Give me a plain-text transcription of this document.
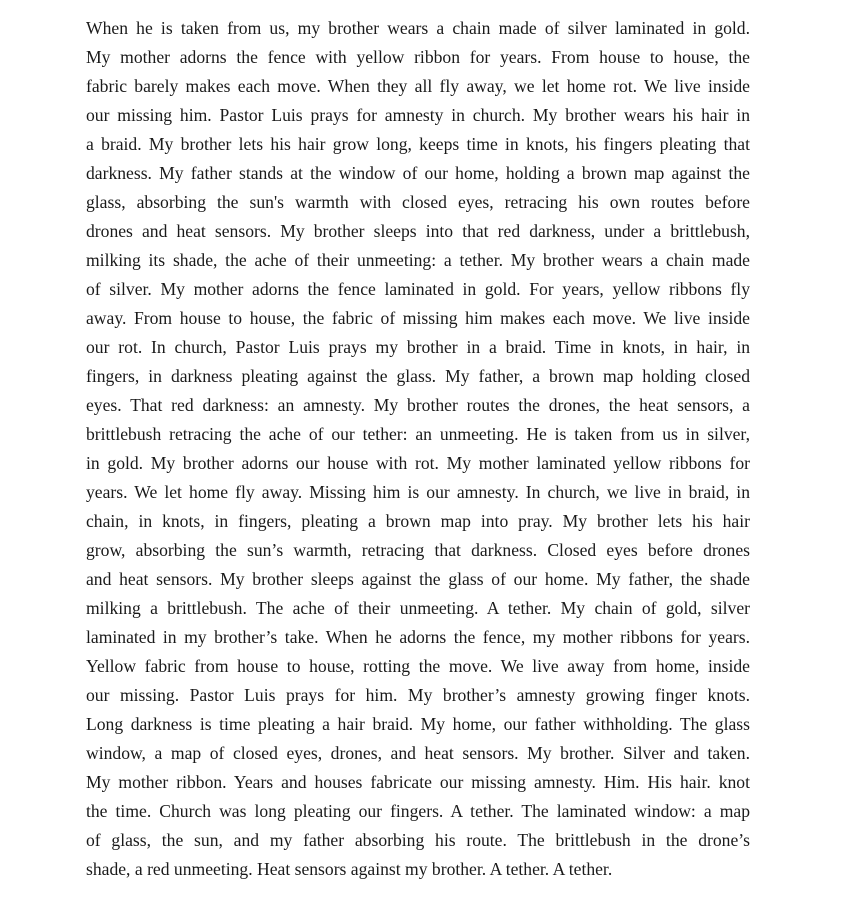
When he is taken from us, my brother wears a chain made of silver laminated in gold.
My mother adorns the fence with yellow ribbon for years. From house to house, the
fabric barely makes each move. When they all fly away, we let home rot. We live inside
our missing him. Pastor Luis prays for amnesty in church. My brother wears his hair in
a braid. My brother lets his hair grow long, keeps time in knots, his fingers pleating that
darkness. My father stands at the window of our home, holding a brown map against the
glass, absorbing the sun's warmth with closed eyes, retracing his own routes before
drones and heat sensors. My brother sleeps into that red darkness, under a brittlebush,
milking its shade, the ache of their unmeeting: a tether. My brother wears a chain made
of silver. My mother adorns the fence laminated in gold. For years, yellow ribbons fly
away. From house to house, the fabric of missing him makes each move. We live inside
our rot. In church, Pastor Luis prays my brother in a braid. Time in knots, in hair, in
fingers, in darkness pleating against the glass. My father, a brown map holding closed
eyes. That red darkness: an amnesty. My brother routes the drones, the heat sensors, a
brittlebush retracing the ache of our tether: an unmeeting. He is taken from us in silver,
in gold. My brother adorns our house with rot. My mother laminated yellow ribbons for
years. We let home fly away. Missing him is our amnesty. In church, we live in braid, in
chain, in knots, in fingers, pleating a brown map into pray. My brother lets his hair
grow, absorbing the sun’s warmth, retracing that darkness. Closed eyes before drones
and heat sensors. My brother sleeps against the glass of our home. My father, the shade
milking a brittlebush. The ache of their unmeeting. A tether. My chain of gold, silver
laminated in my brother’s take. When he adorns the fence, my mother ribbons for years.
Yellow fabric from house to house, rotting the move. We live away from home, inside
our missing. Pastor Luis prays for him. My brother’s amnesty growing finger knots.
Long darkness is time pleating a hair braid. My home, our father withholding. The glass
window, a map of closed eyes, drones, and heat sensors. My brother. Silver and taken.
My mother ribbon. Years and houses fabricate our missing amnesty. Him. His hair. knot
the time. Church was long pleating our fingers. A tether. The laminated window: a map
of glass, the sun, and my father absorbing his route. The brittlebush in the drone’s
shade, a red unmeeting. Heat sensors against my brother. A tether. A tether.
